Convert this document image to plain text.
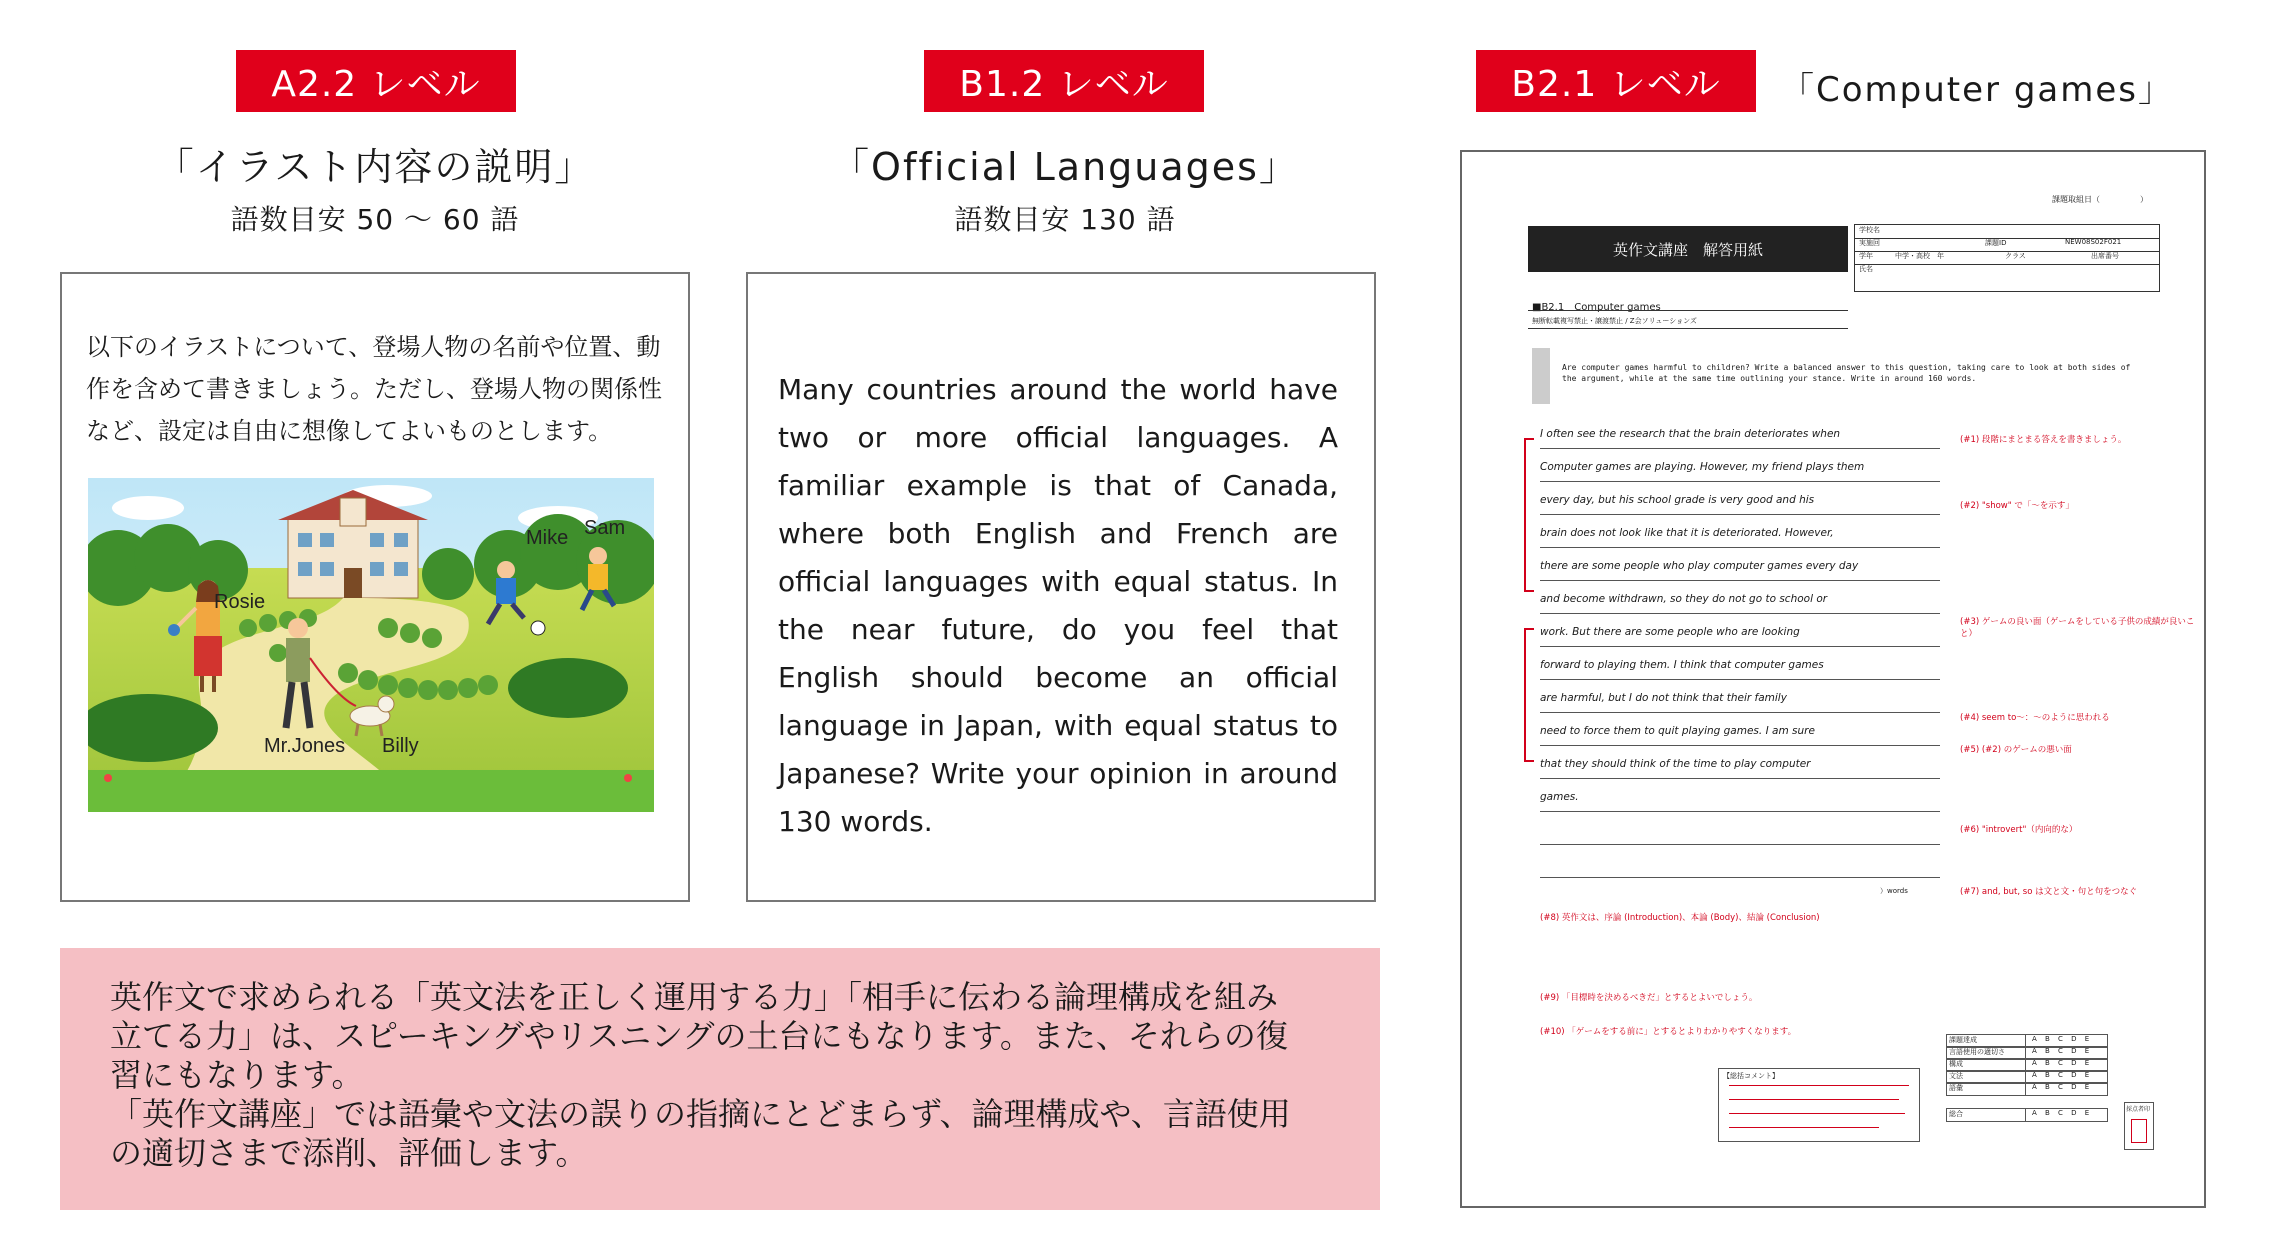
A2.2 レベル	B1.2 レベル	B2.1 レベル
「イラスト内容の説明」
語数目安 50 ～ 60 語
「Official Languages」
語数目安 130 語
「Computer games」
以下のイラストについて、登場人物の名前や位置、動作を含めて書きましょう。ただし、登場人物の関係性など、設定は自由に想像してよいものとします。
Rosie
Mike Sam
Mr.Jones Billy
Many countries around the world have two or more official languages. A familiar example is that of Canada, where both English and French are official languages with equal status. In the near future, do you feel that English should become an official language in Japan, with equal status to Japanese? Write your opinion in around 130 words.

英作文で求められる「英文法を正しく運用する力」「相手に伝わる論理構成を組み
立てる力」は、スピーキングやリスニングの土台にもなります。また、それらの復
習にもなります。
「英作文講座」では語彙や文法の誤りの指摘にとどまらず、論理構成や、言語使用
の適切さまで添削、評価します。

課題取組日（　　　　　）
英作文講座　解答用紙
学校名
実施回	課題ID	NEW08S02F021
学年	中学・高校　年	クラス	出席番号
氏名
■B2.1　Computer games
無断転載複写禁止・譲渡禁止 / Z会ソリューションズ
Are computer games harmful to children? Write a balanced answer to this question, taking care to look at both sides of the argument, while at the same time outlining your stance. Write in around 160 words.
I often see the research that the brain deteriorates when
Computer games are playing. However, my friend plays them
every day, but his school grade is very good and his
brain does not look like that it is deteriorated. However,
there are some people who play computer games every day
and become withdrawn, so they do not go to school or
work. But there are some people who are looking
forward to playing them. I think that computer games
are harmful, but I do not think that their family
need to force them to quit playing games. I am sure
that they should think of the time to play computer
games.
）words
(#1) 段階にまとまる答えを書きましょう。
(#2) "show" で「〜を示す」
(#3) ゲームの良い面（ゲームをしている子供の成績が良いこと）
(#4) seem to〜：〜のように思われる
(#5) (#2) のゲームの悪い面
(#6) "introvert"（内向的な）
(#7) and, but, so は文と文・句と句をつなぐ
(#8) 英作文は、序論 (Introduction)、本論 (Body)、結論 (Conclusion)
(#9) 「目標時を決めるべきだ」とするとよいでしょう。
(#10) 「ゲームをする前に」とするとよりわかりやすくなります。
【総括コメント】
課題達成	A B C D E
言語使用の適切さ	A B C D E
構成	A B C D E
文法	A B C D E
語彙	A B C D E
総合	A B C D E	採点者印
